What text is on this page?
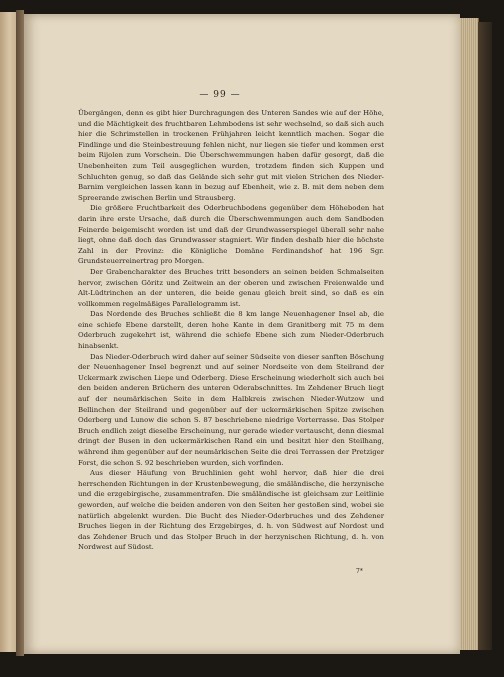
— 99 —

Übergängen, denn es gibt hier Durchragungen des Unteren Sandes wie auf der Höhe, und die Mächtigkeit des fruchtbaren Lehmbodens ist sehr wechselnd, so daß sich auch hier die Schrimstellen in trockenen Frühjahren leicht kenntlich machen. Sogar die Findlinge und die Steinbestreuung fehlen nicht, nur liegen sie tiefer und kommen erst beim Rijolen zum Vorschein. Die Überschwemmungen haben dafür gesorgt, daß die Unebenheiten zum Teil ausgeglichen wurden, trotzdem finden sich Kuppen und Schluchten genug, so daß das Gelände sich sehr gut mit vielen Strichen des Nieder-Barnim vergleichen lassen kann in bezug auf Ebenheit, wie z. B. mit dem neben dem Spreerande zwischen Berlin und Strausberg.

Die größere Fruchtbarkeit des Oderbruchbodens gegenüber dem Höheboden hat darin ihre erste Ursache, daß durch die Überschwemmungen auch dem Sandboden Feinerde beigemischt worden ist und daß der Grundwasserspiegel überall sehr nahe liegt, ohne daß doch das Grundwasser stagniert. Wir finden deshalb hier die höchste Zahl in der Provinz: die Königliche Domäne Ferdinandshof hat 196 Sgr. Grundsteuerreinertrag pro Morgen.

Der Grabencharakter des Bruches tritt besonders an seinen beiden Schmalseiten hervor, zwischen Göritz und Zeitwein an der oberen und zwischen Freienwalde und Alt-Lüdtrinchen an der unteren, die beide genau gleich breit sind, so daß es ein vollkommen regelmäßiges Parallelogramm ist.

Das Nordende des Bruches schließt die 8 km lange Neuenhagener Insel ab, die eine schiefe Ebene darstellt, deren hohe Kante in dem Granitberg mit 75 m dem Oderbruch zugekehrt ist, während die schiefe Ebene sich zum Nieder-Oderbruch hinabsenkt.

Das Nieder-Oderbruch wird daher auf seiner Südseite von dieser sanften Böschung der Neuenhagener Insel begrenzt und auf seiner Nordseite von dem Steilrand der Uckermark zwischen Liepe und Oderberg. Diese Erscheinung wiederholt sich auch bei den beiden anderen Brüchern des unteren Oderabschnittes. Im Zehdener Bruch liegt auf der neumärkischen Seite in dem Halbkreis zwischen Nieder-Wutzow und Bellinchen der Steilrand und gegenüber auf der uckermärkischen Spitze zwischen Oderberg und Lunow die schon S. 87 beschriebene niedrige Vorterrasse. Das Stolper Bruch endlich zeigt dieselbe Erscheinung, nur gerade wieder vertauscht, denn diesmal dringt der Busen in den uckermärkischen Rand ein und besitzt hier den Steilhang, während ihm gegenüber auf der neumärkischen Seite die drei Terrassen der Pretziger Forst, die schon S. 92 beschrieben wurden, sich vorfinden.

Aus dieser Häufung von Bruchlinien geht wohl hervor, daß hier die drei herrschenden Richtungen in der Krustenbewegung, die smäländische, die herzynische und die erzgebirgische, zusammentrafen. Die smäländische ist gleichsam zur Leitlinie geworden, auf welche die beiden anderen von den Seiten her gestoßen sind, wobei sie natürlich abgelenkt wurden. Die Bucht des Nieder-Oderbruches und des Zehdener Bruches liegen in der Richtung des Erzgebirges, d. h. von Südwest auf Nordost und das Zehdener Bruch und das Stolper Bruch in der herzynischen Richtung, d. h. von Nordwest auf Südost.

7*
